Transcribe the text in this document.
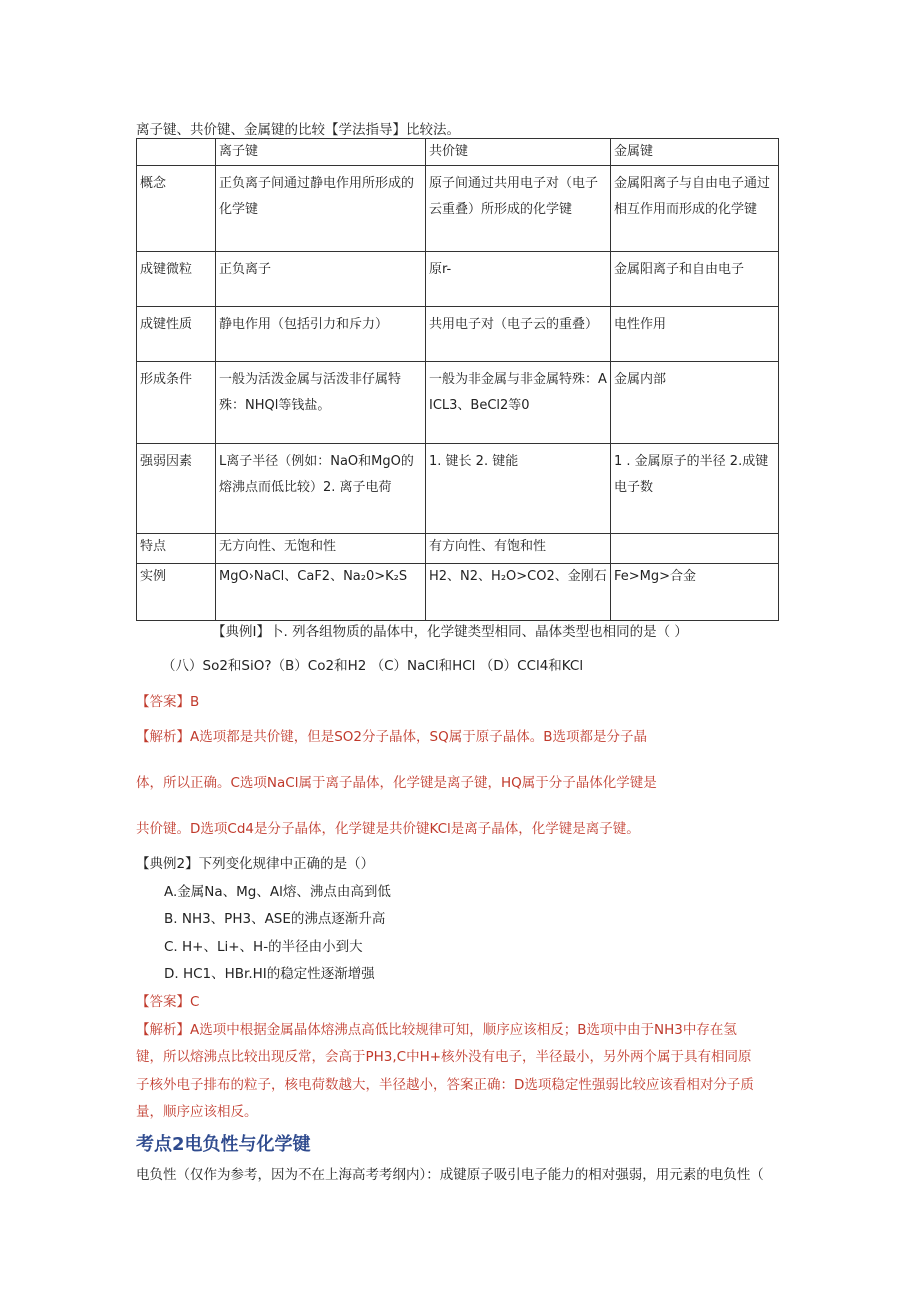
离子键、共价键、金属键的比较【学法指导】比较法。
	离子键	共价键	金属键
概念	正负离子间通过静电作用所形成的化学键	原子间通过共用电子对（电子云重叠）所形成的化学键	金属阳离子与自由电子通过相互作用而形成的化学键
成键微粒	正负离子	原r-	金属阳离子和自由电子
成键性质	静电作用（包括引力和斥力）	共用电子对（电子云的重叠）	电性作用
形成条件	一般为活泼金属与活泼非仔属特殊：NHQl等钱盐。	一般为非金属与非金属特殊：AICL3、BeCl2等0	金属内部
强弱因素	L离子半径（例如：NaO和MgO的熔沸点而低比较）2. 离子电荷	1. 键长 2. 键能	1 . 金属原子的半径 2.成键电子数
特点	无方向性、无饱和性	有方向性、有饱和性	
实例	MgO›NaCl、CaF2、Na₂0>K₂S	H2、N2、H₂O>CO2、金刚石	Fe>Mg>合金
【典例I】卜. 列各组物质的晶体中，化学键类型相同、晶体类型也相同的是（ ）
（八）So2和SiO?（B）Co2和H2 （C）NaCl和HCl （D）CCl4和KCl
【答案】B
【解析】A选项都是共价键，但是SO2分子晶体，SQ属于原子晶体。B选项都是分子晶
体，所以正确。C选项NaCl属于离子晶体，化学键是离子键，HQ属于分子晶体化学键是
共价键。D选项Cd4是分子晶体，化学键是共价键KCl是离子晶体，化学键是离子键。
【典例2】下列变化规律中正确的是（）
A.金属Na、Mg、Al熔、沸点由高到低
B. NH3、PH3、ASE的沸点逐渐升高
C. H+、Li+、H-的半径由小到大
D. HC1、HBr.HI的稳定性逐渐增强
【答案】C
【解析】A选项中根据金属晶体熔沸点高低比较规律可知，顺序应该相反；B选项中由于NH3中存在氢
键，所以熔沸点比较出现反常，会高于PH3,C中H+核外没有电子，半径最小，另外两个属于具有相同原
子核外电子排布的粒子，核电荷数越大，半径越小，答案正确：D选项稳定性强弱比较应该看相对分子质
量，顺序应该相反。
考点2电负性与化学键
电负性（仅作为参考，因为不在上海高考考纲内）：成键原子吸引电子能力的相对强弱，用元素的电负性（
